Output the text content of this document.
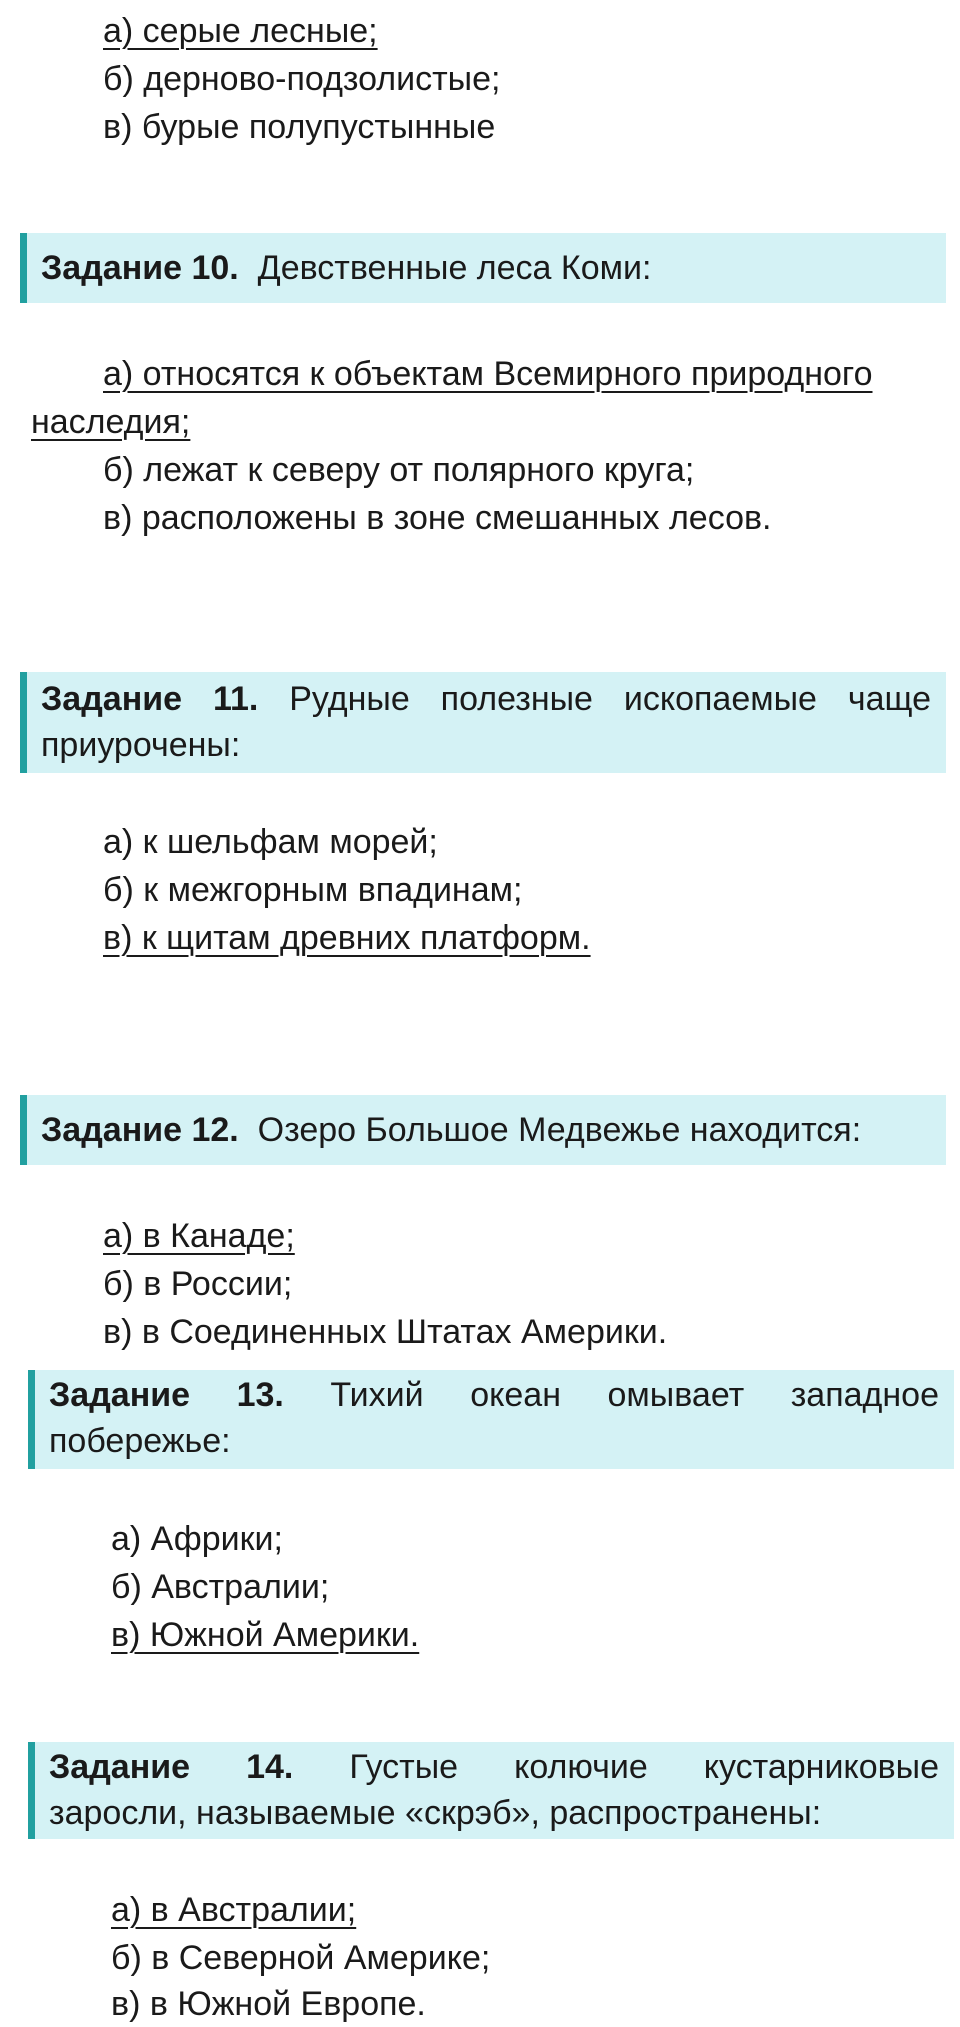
а) серые лесные;
б) дерново-подзолистые;
в) бурые полупустынные
Задание 10. Девственные леса Коми:
а) относятся к объектам Всемирного природного
наследия;
б) лежат к северу от полярного круга;
в) расположены в зоне смешанных лесов.
Задание 11. Рудные полезные ископаемые чаще
приурочены:
а) к шельфам морей;
б) к межгорным впадинам;
в) к щитам древних платформ.
Задание 12. Озеро Большое Медвежье находится:
а) в Канаде;
б) в России;
в) в Соединенных Штатах Америки.
Задание 13. Тихий океан омывает западное
побережье:
а) Африки;
б) Австралии;
в) Южной Америки.
Задание 14. Густые колючие кустарниковые
заросли, называемые «скрэб», распространены:
а) в Австралии;
б) в Северной Америке;
в) в Южной Европе.
